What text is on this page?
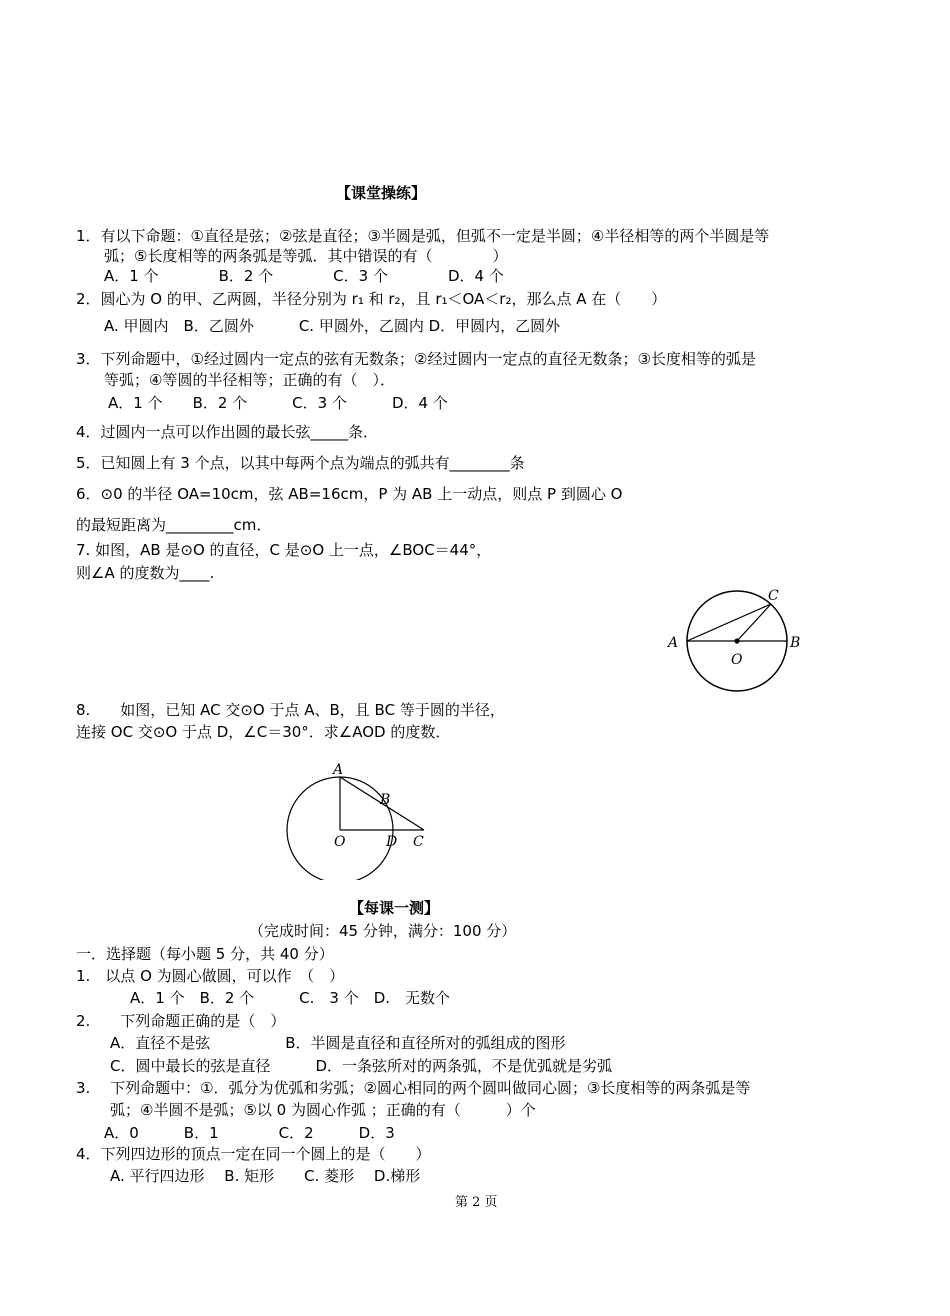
【课堂操练】
1．有以下命题：①直径是弦；②弦是直径；③半圆是弧，但弧不一定是半圆；④半径相等的两个半圆是等
弧；⑤长度相等的两条弧是等弧．其中错误的有（　　　　）
A．1 个　　　　B．2 个　　　　C．3 个　　　　D．4 个
2．圆心为 O 的甲、乙两圆，半径分别为 r₁ 和 r₂，且 r₁＜OA＜r₂，那么点 A 在（　　）
A. 甲圆内　B．乙圆外　　　C. 甲圆外，乙圆内 D．甲圆内，乙圆外
3．下列命题中，①经过圆内一定点的弦有无数条；②经过圆内一定点的直径无数条；③长度相等的弧是
等弧；④等圆的半径相等；正确的有（　）．
A．1 个　　B．2 个　　　C．3 个　　　D．4 个
4．过圆内一点可以作出圆的最长弦_____条．
5．已知圆上有 3 个点，以其中每两个点为端点的弧共有________条
6．⊙0 的半径 OA=10cm，弦 AB=16cm，P 为 AB 上一动点，则点 P 到圆心 O
的最短距离为_________cm．
7. 如图，AB 是⊙O 的直径，C 是⊙O 上一点，∠BOC＝44°，
则∠A 的度数为____.
A	B
C
O
8.　　如图，已知 AC 交⊙O 于点 A、B，且 BC 等于圆的半径，
连接 OC 交⊙O 于点 D，∠C＝30°．求∠AOD 的度数．
A
B
O	D C
【每课一测】
（完成时间：45 分钟，满分：100 分）
一．选择题（每小题 5 分，共 40 分）
1.　以点 O 为圆心做圆，可以作　（　）
A．1 个　B．2 个　　　C.　3 个　D.　无数个
2.　　下列命题正确的是（　）
A．直径不是弦　　　　　B．半圆是直径和直径所对的弧组成的图形
C．圆中最长的弦是直径　　　D．一条弦所对的两条弧，不是优弧就是劣弧
3.　 下列命题中：①．弧分为优弧和劣弧；②圆心相同的两个圆叫做同心圆；③长度相等的两条弧是等
弧；④半圆不是弧；⑤以 0 为圆心作弧 ；正确的有（　　　）个
A．0　　　B．1　　　　C．2　　　D．3
4．下列四边形的顶点一定在同一个圆上的是（　　）
A. 平行四边形　 B. 矩形　　C. 菱形　 D.梯形
第 2 页
